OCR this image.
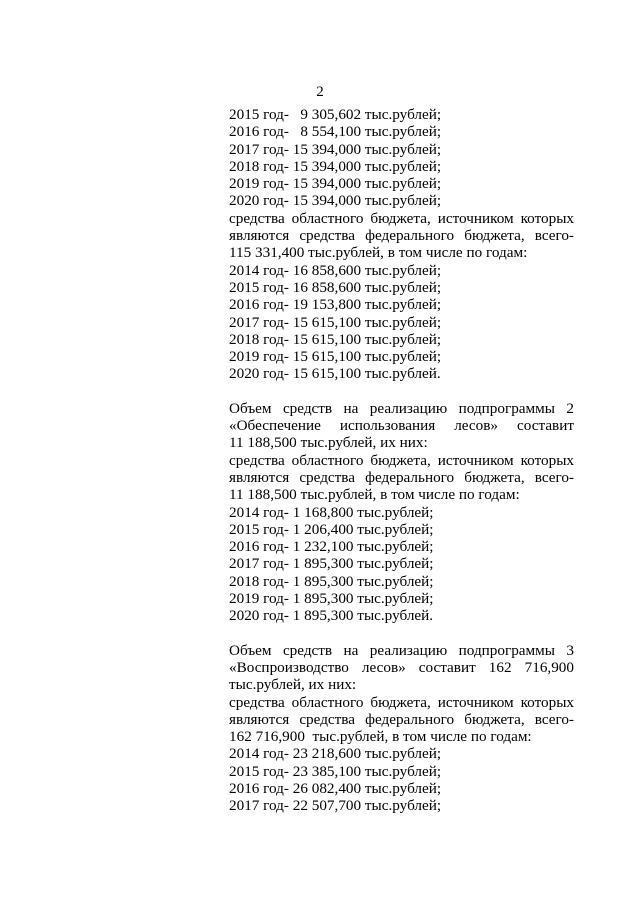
2
2015 год-   9 305,602 тыс.рублей;
2016 год-   8 554,100 тыс.рублей;
2017 год- 15 394,000 тыс.рублей;
2018 год- 15 394,000 тыс.рублей;
2019 год- 15 394,000 тыс.рублей;
2020 год- 15 394,000 тыс.рублей;
средства областного бюджета, источником которых
являются средства федерального бюджета, всего-
115 331,400 тыс.рублей, в том числе по годам:
2014 год- 16 858,600 тыс.рублей;
2015 год- 16 858,600 тыс.рублей;
2016 год- 19 153,800 тыс.рублей;
2017 год- 15 615,100 тыс.рублей;
2018 год- 15 615,100 тыс.рублей;
2019 год- 15 615,100 тыс.рублей;
2020 год- 15 615,100 тыс.рублей.
Объем средств на реализацию подпрограммы 2
«Обеспечение использования лесов» составит
11 188,500 тыс.рублей, их них:
средства областного бюджета, источником которых
являются средства федерального бюджета, всего-
11 188,500 тыс.рублей, в том числе по годам:
2014 год- 1 168,800 тыс.рублей;
2015 год- 1 206,400 тыс.рублей;
2016 год- 1 232,100 тыс.рублей;
2017 год- 1 895,300 тыс.рублей;
2018 год- 1 895,300 тыс.рублей;
2019 год- 1 895,300 тыс.рублей;
2020 год- 1 895,300 тыс.рублей.
Объем средств на реализацию подпрограммы 3
«Воспроизводство лесов» составит 162 716,900
тыс.рублей, их них:
средства областного бюджета, источником которых
являются средства федерального бюджета, всего-
162 716,900  тыс.рублей, в том числе по годам:
2014 год- 23 218,600 тыс.рублей;
2015 год- 23 385,100 тыс.рублей;
2016 год- 26 082,400 тыс.рублей;
2017 год- 22 507,700 тыс.рублей;
